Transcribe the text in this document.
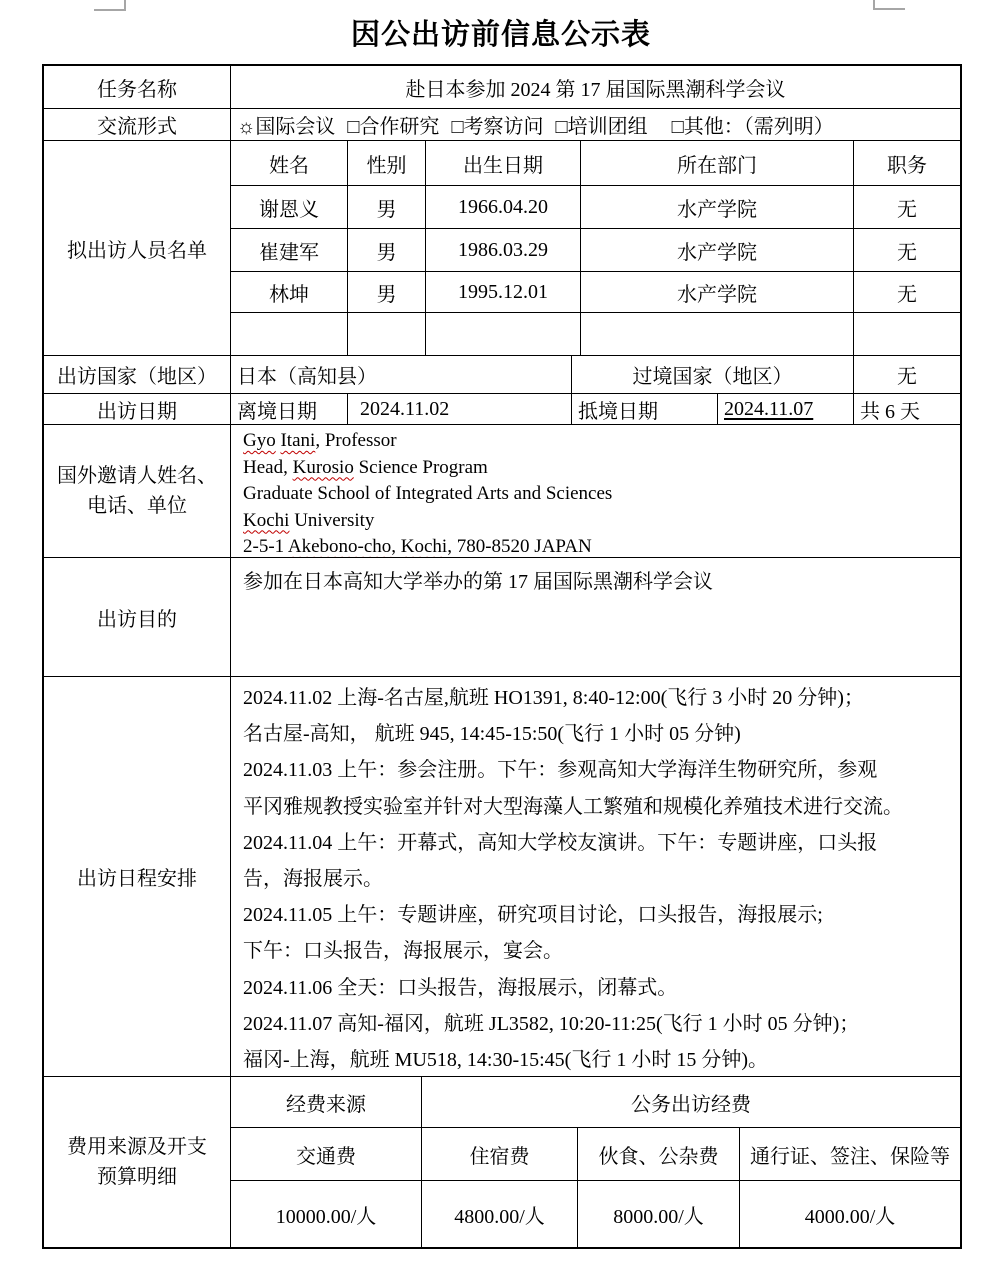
因公出访前信息公示表
任务名称	赴日本参加 2024 第 17 届国际黑潮科学会议
交流形式	☼国际会议 □合作研究 □考察访问 □培训团组 □其他：（需列明）
拟出访人员名单
姓名	性别	出生日期	所在部门	职务
谢恩义	男	1966.04.20	水产学院	无
崔建军	男	1986.03.29	水产学院	无
林坤	男	1995.12.01	水产学院	无
出访国家（地区）	日本（高知县）	过境国家（地区）	无
出访日期	离境日期	2024.11.02	抵境日期	2024.11.07	共 6 天
国外邀请人姓名、
电话、单位
Gyo Itani, Professor
Head, Kurosio Science Program
Graduate School of Integrated Arts and Sciences
Kochi University
2-5-1 Akebono-cho, Kochi, 780-8520 JAPAN
出访目的
参加在日本高知大学举办的第 17 届国际黑潮科学会议
出访日程安排
2024.11.02 上海-名古屋,航班 HO1391, 8:40-12:00(飞行 3 小时 20 分钟)；
名古屋-高知， 航班 945, 14:45-15:50(飞行 1 小时 05 分钟)
2024.11.03 上午：参会注册。下午：参观高知大学海洋生物研究所，参观
平冈雅规教授实验室并针对大型海藻人工繁殖和规模化养殖技术进行交流。
2024.11.04 上午：开幕式，高知大学校友演讲。下午：专题讲座，口头报
告，海报展示。
2024.11.05 上午：专题讲座，研究项目讨论，口头报告，海报展示;
下午：口头报告，海报展示，宴会。
2024.11.06 全天：口头报告，海报展示，闭幕式。
2024.11.07 高知-福冈，航班 JL3582, 10:20-11:25(飞行 1 小时 05 分钟)；
福冈-上海，航班 MU518, 14:30-15:45(飞行 1 小时 15 分钟)。
费用来源及开支
预算明细
经费来源	公务出访经费
交通费	住宿费	伙食、公杂费	通行证、签注、保险等
10000.00/人	4800.00/人	8000.00/人	4000.00/人
